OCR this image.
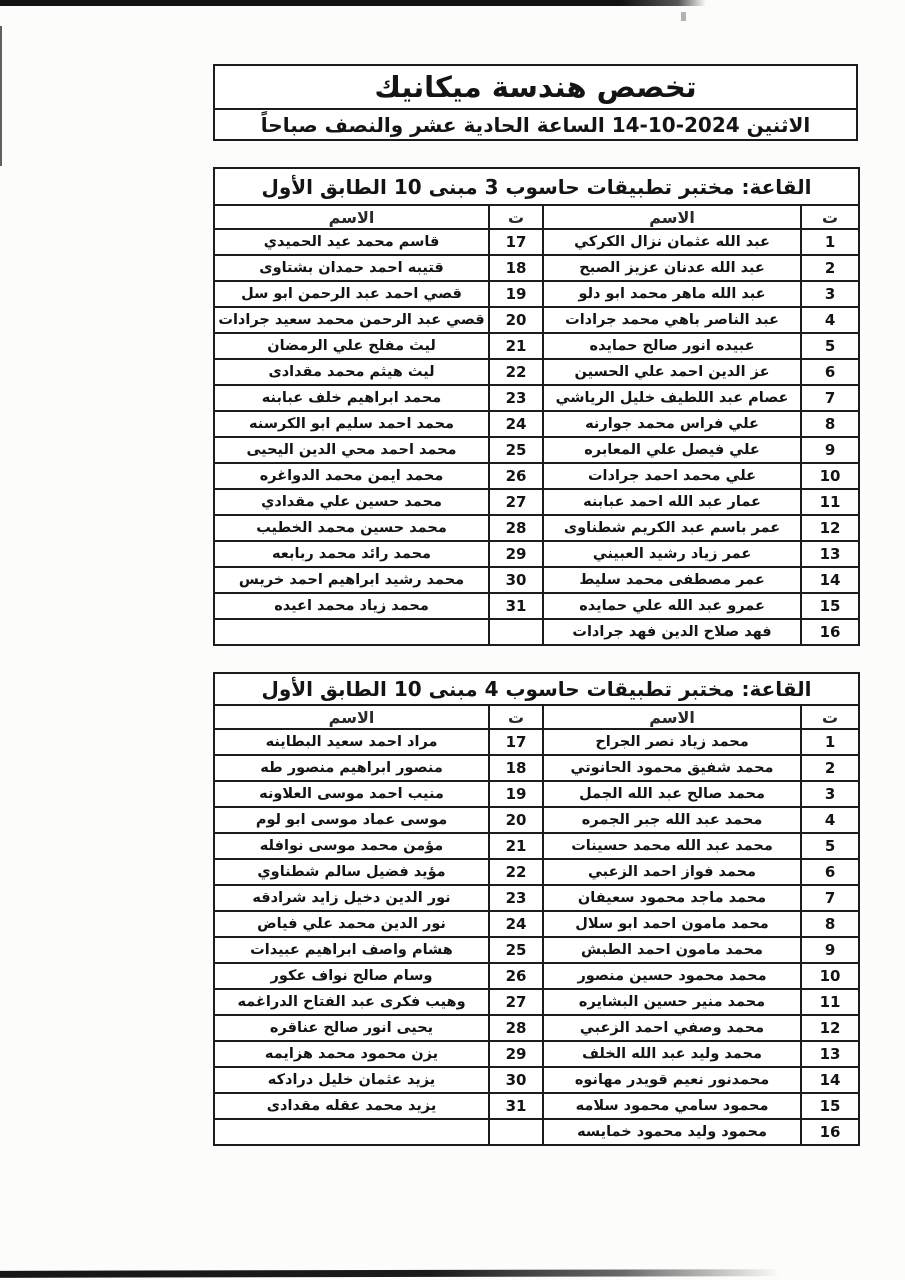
تخصص هندسة ميكانيك
الاثنين 2024-10-14 الساعة الحادية عشر والنصف صباحاً
القاعة: مختبر تطبيقات حاسوب 3 مبنى 10 الطابق الأول			
ت	الاسم	ت	الاسم
1	عبد الله عثمان نزال الكركي	17	قاسم محمد عيد الحميدي
2	عبد الله عدنان عزيز الصبح	18	قتيبه احمد حمدان بشتاوى
3	عبد الله ماهر محمد ابو دلو	19	قصي احمد عبد الرحمن ابو سل
4	عبد الناصر باهي محمد جرادات	20	قصي عبد الرحمن محمد سعيد جرادات
5	عبيده انور صالح حمايده	21	ليث مفلح علي الرمضان
6	عز الدين احمد علي الحسين	22	ليث هيثم محمد مقدادى
7	عصام عبد اللطيف خليل الرياشي	23	محمد ابراهيم خلف عبابنه
8	علي فراس محمد جوارنه	24	محمد احمد سليم ابو الكرسنه
9	علي فيصل علي المعابره	25	محمد احمد محي الدين اليحيى
10	علي محمد احمد جرادات	26	محمد ايمن محمد الدواغره
11	عمار عبد الله احمد عبابنه	27	محمد حسين علي مقدادي
12	عمر باسم عبد الكريم شطناوى	28	محمد حسين محمد الخطيب
13	عمر زياد رشيد العبيني	29	محمد رائد محمد ربابعه
14	عمر مصطفى محمد سليط	30	محمد رشيد ابراهيم احمد خريس
15	عمرو عبد الله علي حمايده	31	محمد زياد محمد اعيده
16	فهد صلاح الدين فهد جرادات		
القاعة: مختبر تطبيقات حاسوب 4 مبنى 10 الطابق الأول			
ت	الاسم	ت	الاسم
1	محمد زياد نصر الجراح	17	مراد احمد سعيد البطاينه
2	محمد شفيق محمود الحانوتي	18	منصور ابراهيم منصور طه
3	محمد صالح عبد الله الجمل	19	منيب احمد موسى العلاونه
4	محمد عبد الله جبر الجمره	20	موسى عماد موسى ابو لوم
5	محمد عبد الله محمد حسينات	21	مؤمن محمد موسى نوافله
6	محمد فواز احمد الزعبي	22	مؤيد فضيل سالم شطناوي
7	محمد ماجد محمود سعيفان	23	نور الدين دخيل زايد شرادقه
8	محمد مامون احمد ابو سلال	24	نور الدين محمد علي فياض
9	محمد مامون احمد الطبش	25	هشام واصف ابراهيم عبيدات
10	محمد محمود حسين منصور	26	وسام صالح نواف عكور
11	محمد منير حسين البشايره	27	وهيب فكرى عبد الفتاح الدراغمه
12	محمد وصفي احمد الزعبي	28	يحيى انور صالح عناقره
13	محمد وليد عبد الله الخلف	29	يزن محمود محمد هزايمه
14	محمدنور نعيم قويدر مهانوه	30	يزيد عثمان خليل درادكه
15	محمود سامي محمود سلامه	31	يزيد محمد عقله مقدادى
16	محمود وليد محمود خمايسه		
